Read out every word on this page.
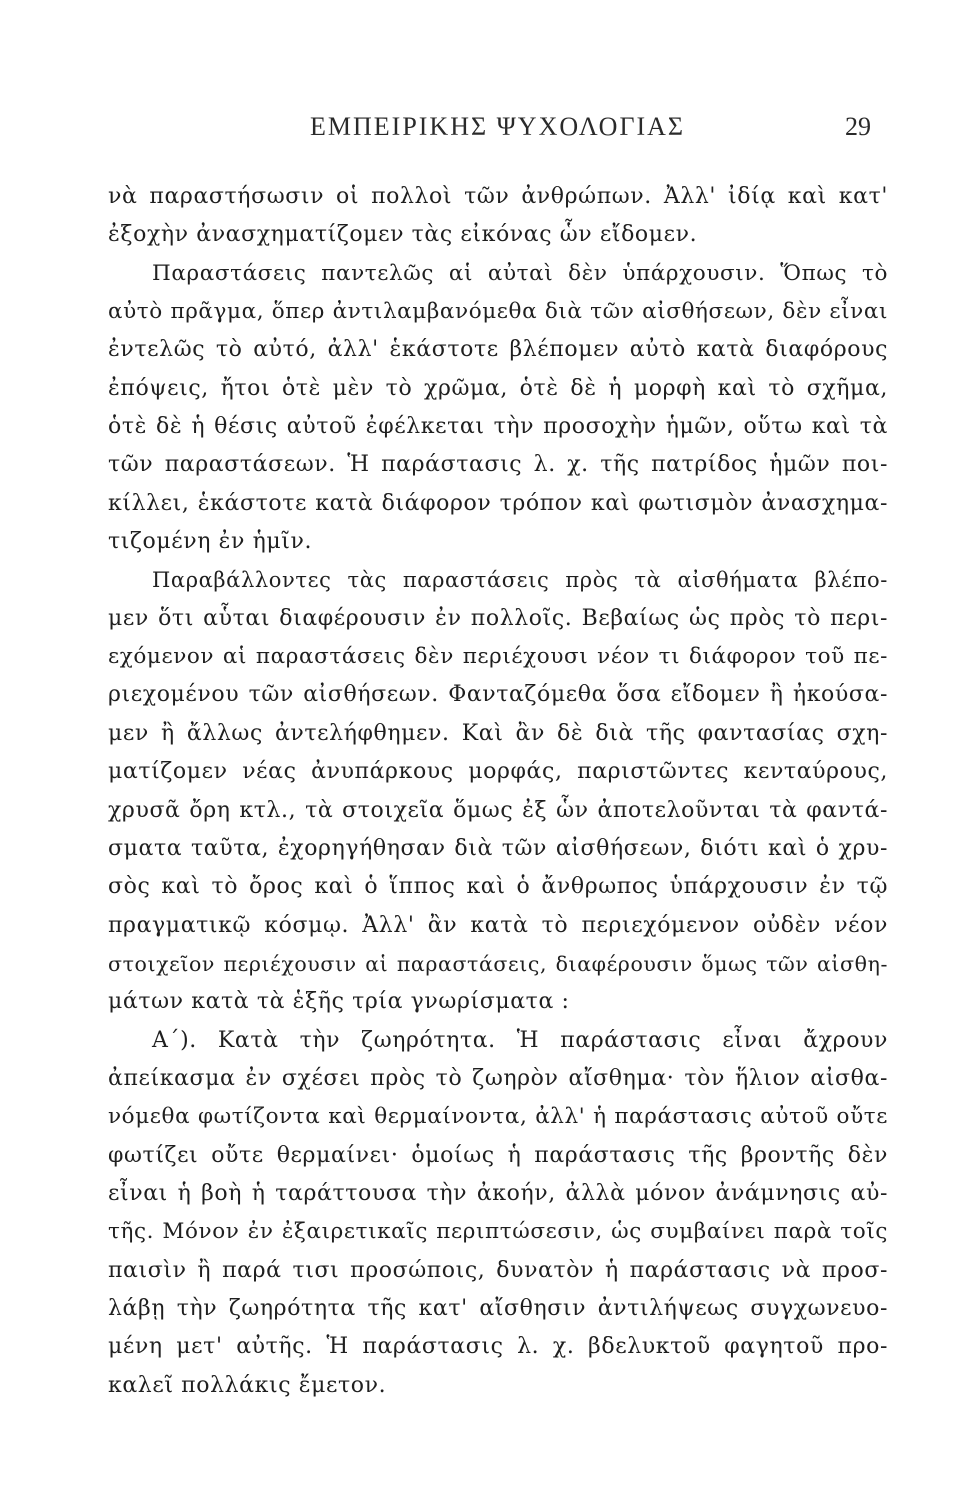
ΕΜΠΕΙΡΙΚΗΣ ΨΥΧΟΛΟΓΙΑΣ	29
νὰ παραστήσωσιν οἱ πολλοὶ τῶν ἀνθρώπων. Ἀλλ' ἰδίᾳ καὶ κατ'
ἐξοχὴν ἀνασχηματίζομεν τὰς εἰκόνας ὧν εἴδομεν.
Παραστάσεις παντελῶς αἱ αὐταὶ δὲν ὑπάρχουσιν. Ὅπως τὸ
αὐτὸ πρᾶγμα, ὅπερ ἀντιλαμβανόμεθα διὰ τῶν αἰσθήσεων, δὲν εἶναι
ἐντελῶς τὸ αὐτό, ἀλλ' ἑκάστοτε βλέπομεν αὐτὸ κατὰ διαφόρους
ἐπόψεις, ἤτοι ὁτὲ μὲν τὸ χρῶμα, ὁτὲ δὲ ἡ μορφὴ καὶ τὸ σχῆμα,
ὁτὲ δὲ ἡ θέσις αὐτοῦ ἐφέλκεται τὴν προσοχὴν ἡμῶν, οὕτω καὶ τὰ
τῶν παραστάσεων. Ἡ παράστασις λ. χ. τῆς πατρίδος ἡμῶν ποι-
κίλλει, ἑκάστοτε κατὰ διάφορον τρόπον καὶ φωτισμὸν ἀνασχημα-
τιζομένη ἐν ἡμῖν.
Παραβάλλοντες τὰς παραστάσεις πρὸς τὰ αἰσθήματα βλέπο-
μεν ὅτι αὗται διαφέρουσιν ἐν πολλοῖς. Βεβαίως ὡς πρὸς τὸ περι-
εχόμενον αἱ παραστάσεις δὲν περιέχουσι νέον τι διάφορον τοῦ πε-
ριεχομένου τῶν αἰσθήσεων. Φανταζόμεθα ὅσα εἴδομεν ἢ ἠκούσα-
μεν ἢ ἄλλως ἀντελήφθημεν. Καὶ ἂν δὲ διὰ τῆς φαντασίας σχη-
ματίζομεν νέας ἀνυπάρκους μορφάς, παριστῶντες κενταύρους,
χρυσᾶ ὄρη κτλ., τὰ στοιχεῖα ὅμως ἐξ ὧν ἀποτελοῦνται τὰ φαντά-
σματα ταῦτα, ἐχορηγήθησαν διὰ τῶν αἰσθήσεων, διότι καὶ ὁ χρυ-
σὸς καὶ τὸ ὄρος καὶ ὁ ἵππος καὶ ὁ ἄνθρωπος ὑπάρχουσιν ἐν τῷ
πραγματικῷ κόσμῳ. Ἀλλ' ἂν κατὰ τὸ περιεχόμενον οὐδὲν νέον
στοιχεῖον περιέχουσιν αἱ παραστάσεις, διαφέρουσιν ὅμως τῶν αἰσθη-
μάτων κατὰ τὰ ἑξῆς τρία γνωρίσματα :
Α΄). Κατὰ τὴν ζωηρότητα. Ἡ παράστασις εἶναι ἄχρουν
ἀπείκασμα ἐν σχέσει πρὸς τὸ ζωηρὸν αἴσθημα· τὸν ἥλιον αἰσθα-
νόμεθα φωτίζοντα καὶ θερμαίνοντα, ἀλλ' ἡ παράστασις αὐτοῦ οὔτε
φωτίζει οὔτε θερμαίνει· ὁμοίως ἡ παράστασις τῆς βροντῆς δὲν
εἶναι ἡ βοὴ ἡ ταράττουσα τὴν ἀκοήν, ἀλλὰ μόνον ἀνάμνησις αὐ-
τῆς. Μόνον ἐν ἐξαιρετικαῖς περιπτώσεσιν, ὡς συμβαίνει παρὰ τοῖς
παισὶν ἢ παρά τισι προσώποις, δυνατὸν ἡ παράστασις νὰ προσ-
λάβῃ τὴν ζωηρότητα τῆς κατ' αἴσθησιν ἀντιλήψεως συγχωνευο-
μένη μετ' αὐτῆς. Ἡ παράστασις λ. χ. βδελυκτοῦ φαγητοῦ προ-
καλεῖ πολλάκις ἔμετον.
